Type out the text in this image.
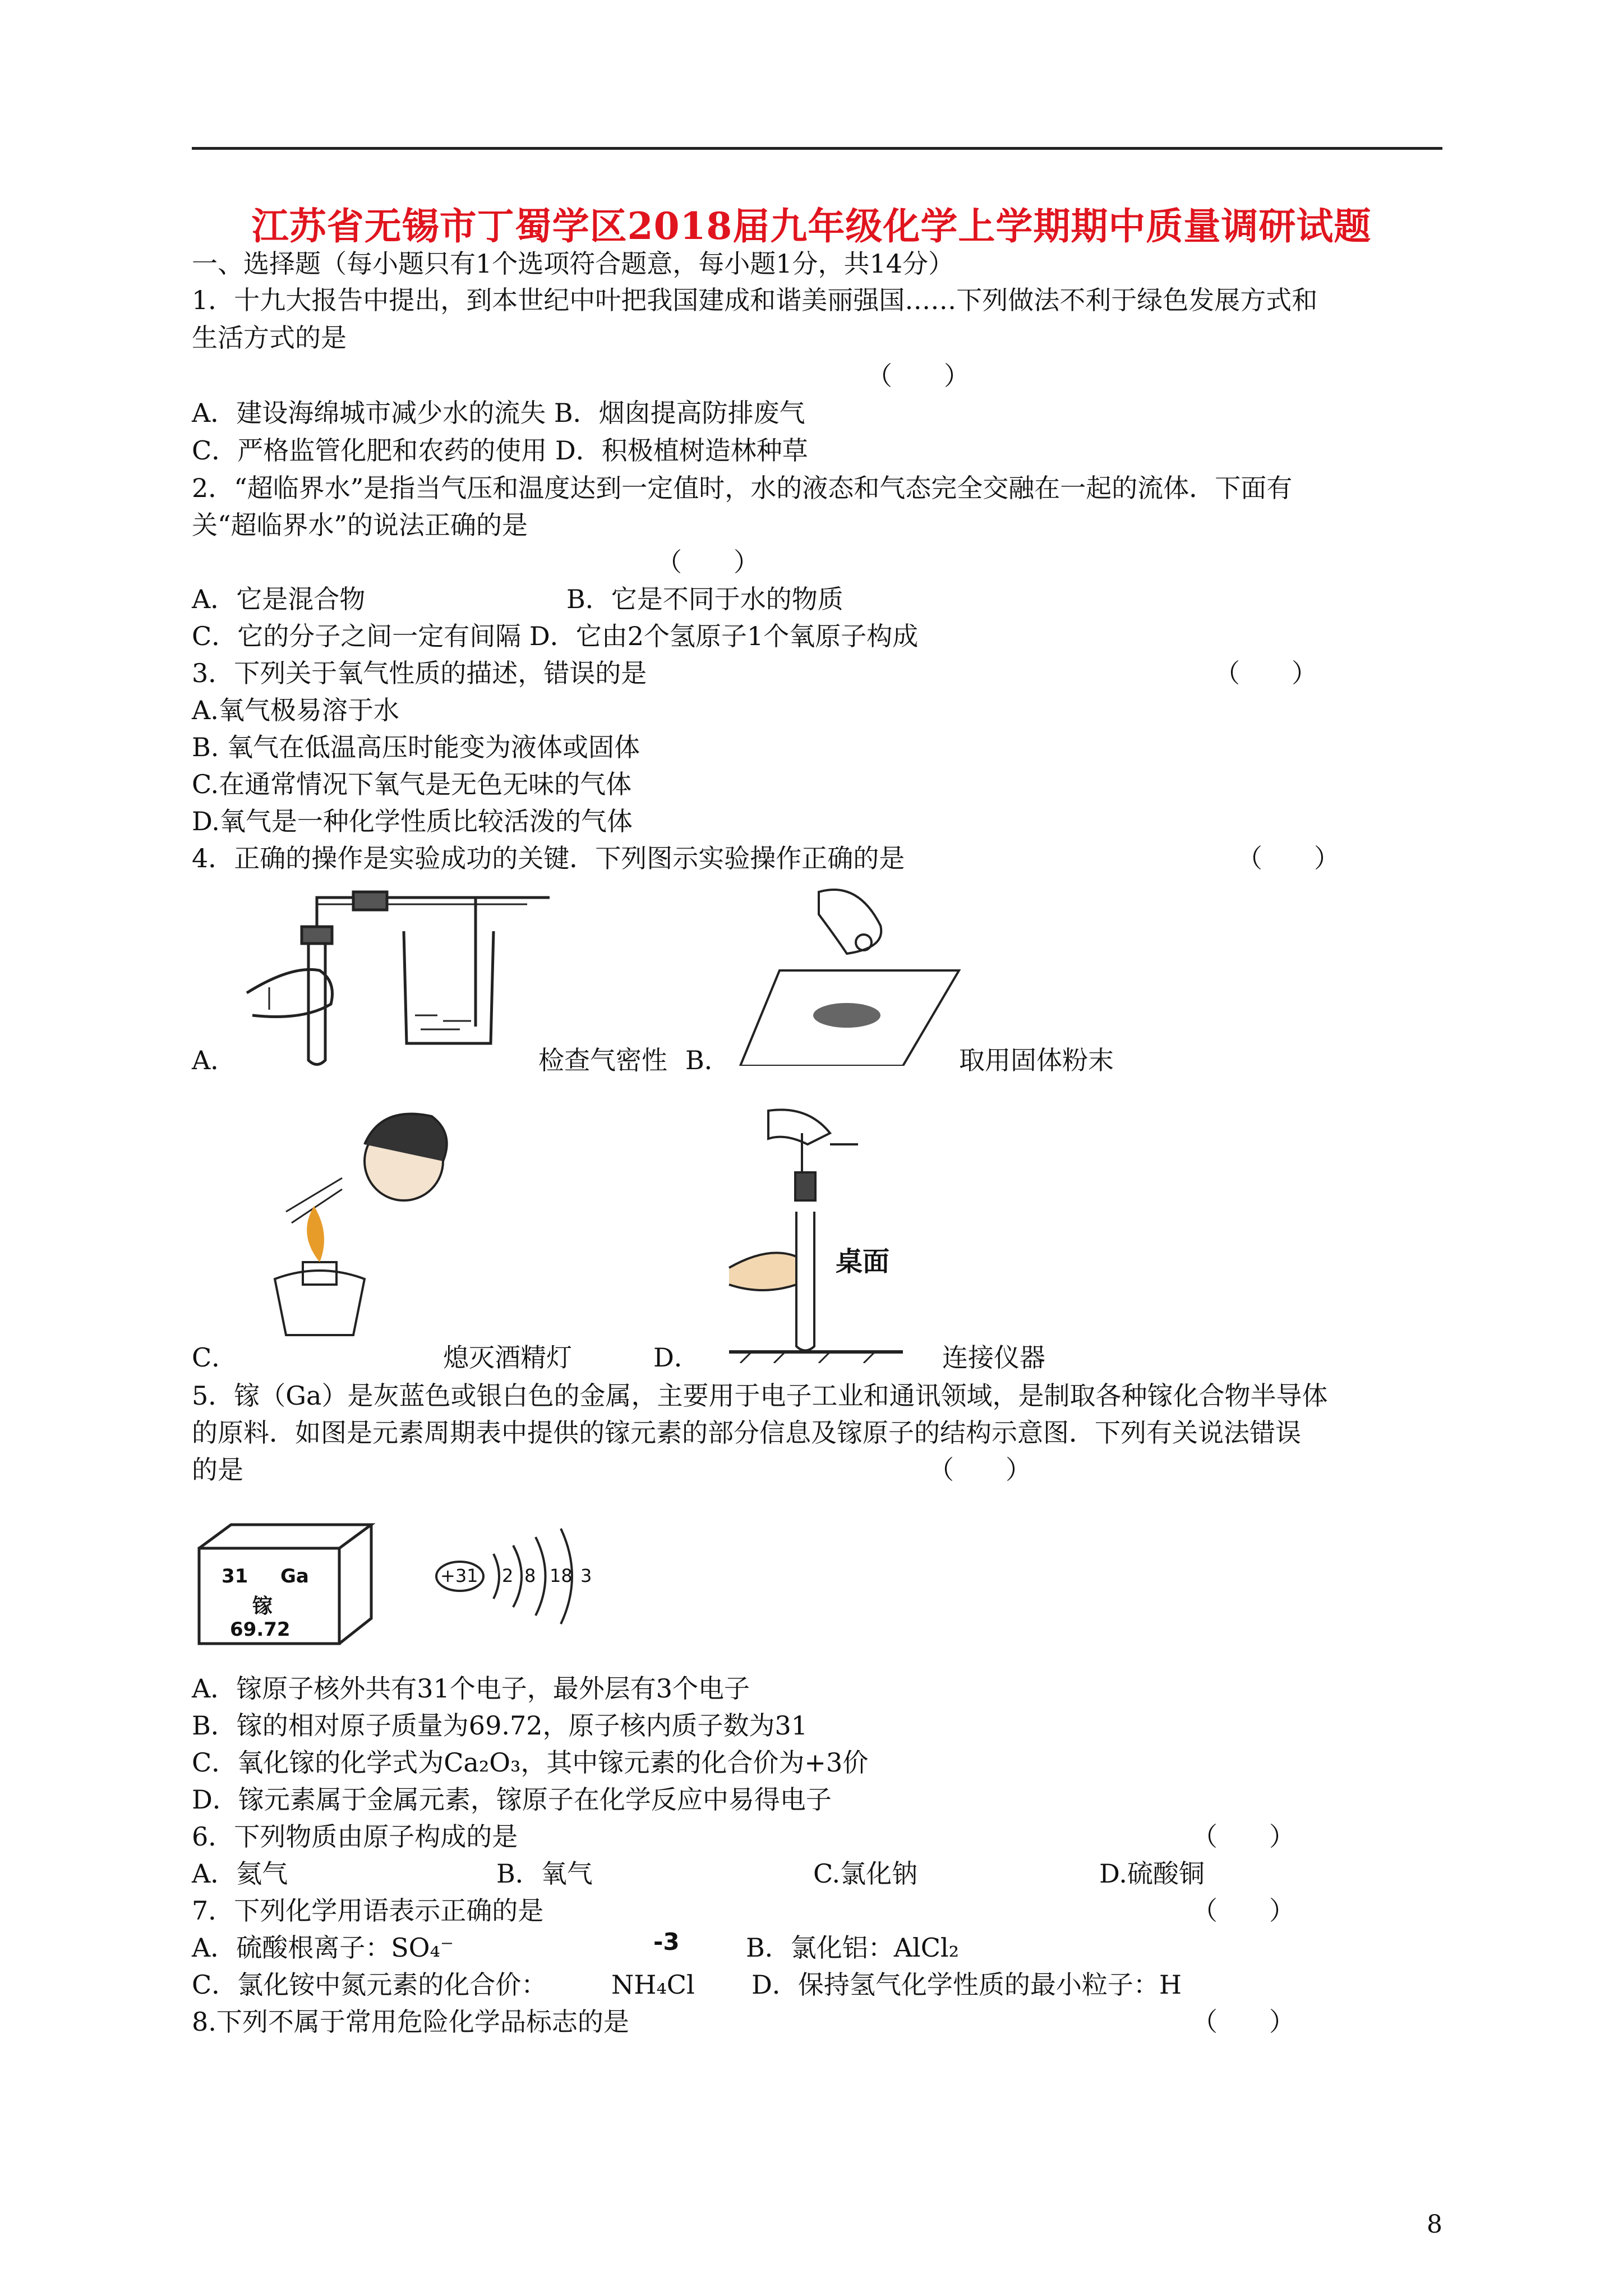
江苏省无锡市丁蜀学区2018届九年级化学上学期期中质量调研试题
一、选择题（每小题只有1个选项符合题意，每小题1分，共14分）
1．十九大报告中提出，到本世纪中叶把我国建成和谐美丽强国……下列做法不利于绿色发展方式和
生活方式的是
（　　）
A．建设海绵城市减少水的流失 B．烟囱提高防排废气
C．严格监管化肥和农药的使用 D．积极植树造林种草
2．“超临界水”是指当气压和温度达到一定值时，水的液态和气态完全交融在一起的流体．下面有
关“超临界水”的说法正确的是
（　　）
A．它是混合物	B．它是不同于水的物质
C．它的分子之间一定有间隔 D．它由2个氢原子1个氧原子构成
3．下列关于氧气性质的描述，错误的是	（　　）
A.氧气极易溶于水
B. 氧气在低温高压时能变为液体或固体
C.在通常情况下氧气是无色无味的气体
D.氧气是一种化学性质比较活泼的气体
4．正确的操作是实验成功的关键．下列图示实验操作正确的是	（　　）
A．	检查气密性 B．	取用固体粉末
C．	熄灭酒精灯	D．
桌面
连接仪器
5．镓（Ga）是灰蓝色或银白色的金属，主要用于电子工业和通讯领域，是制取各种镓化合物半导体
的原料．如图是元素周期表中提供的镓元素的部分信息及镓原子的结构示意图．下列有关说法错误
的是	（　　）
31 Ga
镓
69.72
+31 2 8 18 3
A．镓原子核外共有31个电子，最外层有3个电子
B．镓的相对原子质量为69.72，原子核内质子数为31
C．氧化镓的化学式为Ca₂O₃，其中镓元素的化合价为+3价
D．镓元素属于金属元素，镓原子在化学反应中易得电子
6．下列物质由原子构成的是	（　　）
A．氦气	B．氧气	C.氯化钠	D.硫酸铜
7．下列化学用语表示正确的是	（　　）
A．硫酸根离子：SO₄⁻	-3	B．氯化铝：AlCl₂
C．氯化铵中氮元素的化合价： NH₄Cl D．保持氢气化学性质的最小粒子：H
8.下列不属于常用危险化学品标志的是	（　　）
8
